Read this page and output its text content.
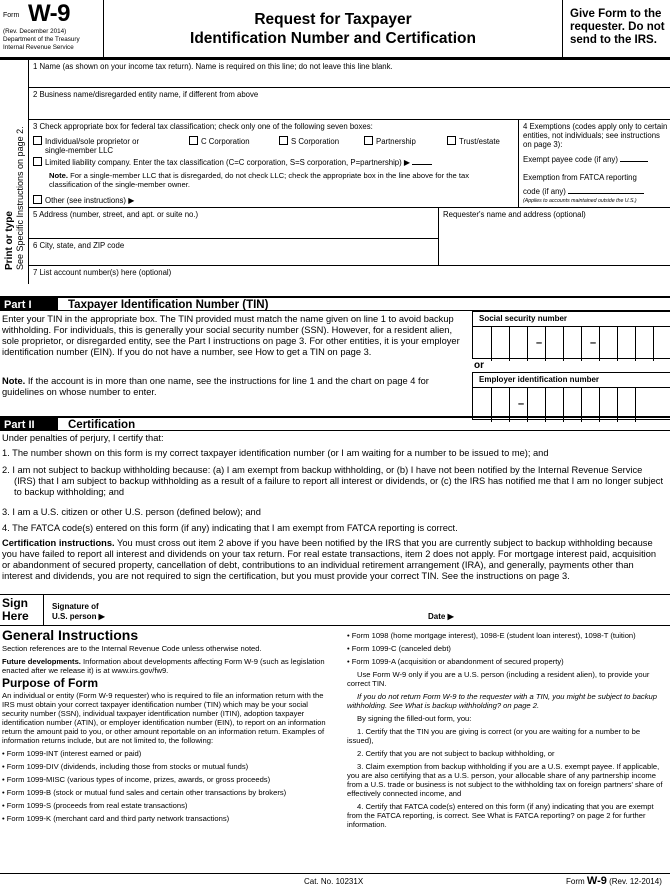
Form W-9
(Rev. December 2014)
Department of the Treasury
Internal Revenue Service
Request for Taxpayer
Identification Number and Certification
Give Form to the requester. Do not send to the IRS.
Print or type
See Specific Instructions on page 2.
1 Name (as shown on your income tax return). Name is required on this line; do not leave this line blank.
2 Business name/disregarded entity name, if different from above
3 Check appropriate box for federal tax classification; check only one of the following seven boxes:
Individual/sole proprietor or
single-member LLC
C Corporation	S Corporation	Partnership	Trust/estate
Limited liability company. Enter the tax classification (C=C corporation, S=S corporation, P=partnership) ▶
Note. For a single-member LLC that is disregarded, do not check LLC; check the appropriate box in the line above for the tax classification of the single-member owner.
Other (see instructions) ▶
4 Exemptions (codes apply only to certain entities, not individuals; see instructions on page 3):
Exempt payee code (if any)
Exemption from FATCA reporting
code (if any)
(Applies to accounts maintained outside the U.S.)
5 Address (number, street, and apt. or suite no.)	Requester's name and address (optional)
6 City, state, and ZIP code
7 List account number(s) here (optional)
Part I	Taxpayer Identification Number (TIN)
Enter your TIN in the appropriate box. The TIN provided must match the name given on line 1 to avoid backup withholding. For individuals, this is generally your social security number (SSN). However, for a resident alien, sole proprietor, or disregarded entity, see the Part I instructions on page 3. For other entities, it is your employer identification number (EIN). If you do not have a number, see How to get a TIN on page 3.
Note. If the account is in more than one name, see the instructions for line 1 and the chart on page 4 for guidelines on whose number to enter.
Social security number
–	–
or
Employer identification number
–
Part II	Certification
Under penalties of perjury, I certify that:
1. The number shown on this form is my correct taxpayer identification number (or I am waiting for a number to be issued to me); and
2. I am not subject to backup withholding because: (a) I am exempt from backup withholding, or (b) I have not been notified by the Internal Revenue Service (IRS) that I am subject to backup withholding as a result of a failure to report all interest or dividends, or (c) the IRS has notified me that I am no longer subject to backup withholding; and
3. I am a U.S. citizen or other U.S. person (defined below); and
4. The FATCA code(s) entered on this form (if any) indicating that I am exempt from FATCA reporting is correct.
Certification instructions. You must cross out item 2 above if you have been notified by the IRS that you are currently subject to backup withholding because you have failed to report all interest and dividends on your tax return. For real estate transactions, item 2 does not apply. For mortgage interest paid, acquisition or abandonment of secured property, cancellation of debt, contributions to an individual retirement arrangement (IRA), and generally, payments other than interest and dividends, you are not required to sign the certification, but you must provide your correct TIN. See the instructions on page 3.
Sign
Here
Signature of
U.S. person ▶	Date ▶
General Instructions

Section references are to the Internal Revenue Code unless otherwise noted.

Future developments. Information about developments affecting Form W-9 (such as legislation enacted after we release it) is at www.irs.gov/fw9.

Purpose of Form

An individual or entity (Form W-9 requester) who is required to file an information return with the IRS must obtain your correct taxpayer identification number (TIN) which may be your social security number (SSN), individual taxpayer identification number (ITIN), adoption taxpayer identification number (ATIN), or employer identification number (EIN), to report on an information return the amount paid to you, or other amount reportable on an information return. Examples of information returns include, but are not limited to, the following:

• Form 1099-INT (interest earned or paid)

• Form 1099-DIV (dividends, including those from stocks or mutual funds)

• Form 1099-MISC (various types of income, prizes, awards, or gross proceeds)

• Form 1099-B (stock or mutual fund sales and certain other transactions by brokers)

• Form 1099-S (proceeds from real estate transactions)

• Form 1099-K (merchant card and third party network transactions)

• Form 1098 (home mortgage interest), 1098-E (student loan interest), 1098-T (tuition)

• Form 1099-C (canceled debt)

• Form 1099-A (acquisition or abandonment of secured property)

Use Form W-9 only if you are a U.S. person (including a resident alien), to provide your correct TIN.

If you do not return Form W-9 to the requester with a TIN, you might be subject to backup withholding. See What is backup withholding? on page 2.

By signing the filled-out form, you:

1. Certify that the TIN you are giving is correct (or you are waiting for a number to be issued),

2. Certify that you are not subject to backup withholding, or

3. Claim exemption from backup withholding if you are a U.S. exempt payee. If applicable, you are also certifying that as a U.S. person, your allocable share of any partnership income from a U.S. trade or business is not subject to the withholding tax on foreign partners' share of effectively connected income, and

4. Certify that FATCA code(s) entered on this form (if any) indicating that you are exempt from the FATCA reporting, is correct. See What is FATCA reporting? on page 2 for further information.

Cat. No. 10231X	Form W-9 (Rev. 12-2014)
